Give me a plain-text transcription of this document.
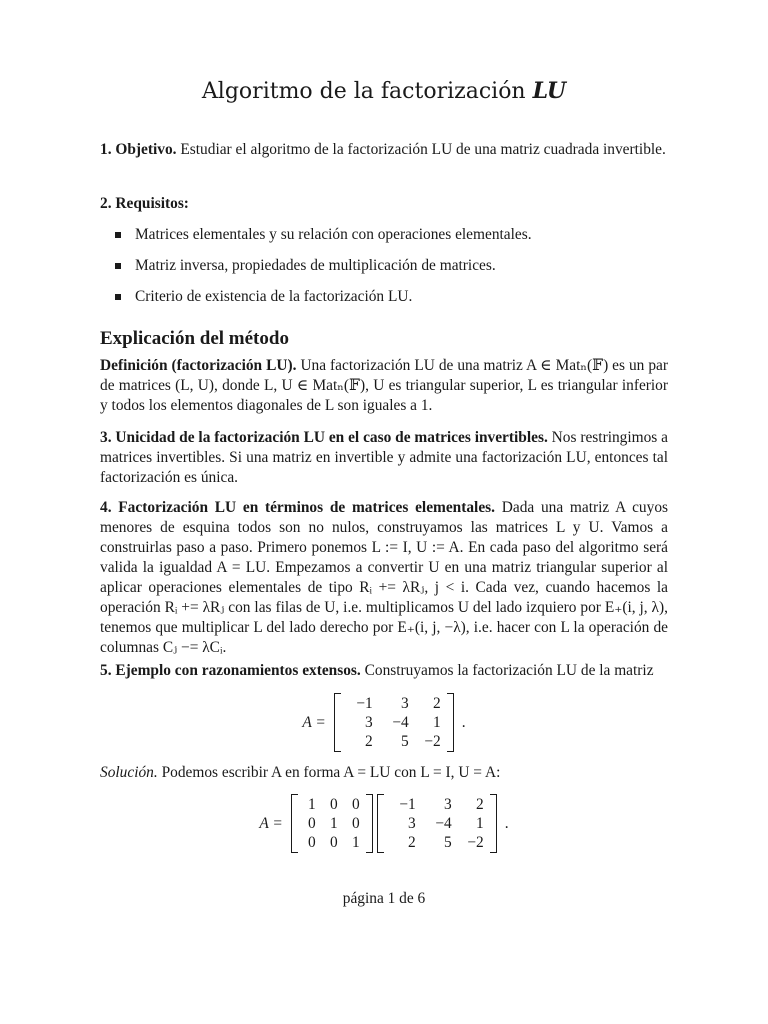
Algoritmo de la factorización LU

1. Objetivo. Estudiar el algoritmo de la factorización LU de una matriz cuadrada invertible.

2. Requisitos:

Matrices elementales y su relación con operaciones elementales.
Matriz inversa, propiedades de multiplicación de matrices.
Criterio de existencia de la factorización LU.
Explicación del método

Definición (factorización LU). Una factorización LU de una matriz A ∈ Matₙ(𝔽) es un par de matrices (L, U), donde L, U ∈ Matₙ(𝔽), U es triangular superior, L es triangular inferior y todos los elementos diagonales de L son iguales a 1.

3. Unicidad de la factorización LU en el caso de matrices invertibles. Nos restringimos a matrices invertibles. Si una matriz en invertible y admite una factorización LU, entonces tal factorización es única.

4. Factorización LU en términos de matrices elementales. Dada una matriz A cuyos menores de esquina todos son no nulos, construyamos las matrices L y U. Vamos a construirlas paso a paso. Primero ponemos L := I, U := A. En cada paso del algoritmo será valida la igualdad A = LU. Empezamos a convertir U en una matriz triangular superior al aplicar operaciones elementales de tipo Rᵢ += λRⱼ, j < i. Cada vez, cuando hacemos la operación Rᵢ += λRⱼ con las filas de U, i.e. multiplicamos U del lado izquiero por E₊(i, j, λ), tenemos que multiplicar L del lado derecho por E₊(i, j, −λ), i.e. hacer con L la operación de columnas Cⱼ −= λCᵢ.

5. Ejemplo con razonamientos extensos. Construyamos la factorización LU de la matriz

A =
−1	3	2
3	−4	1
2	5	−2
.

Solución. Podemos escribir A en forma A = LU con L = I, U = A:

A =
1 0 0
0 1 0
0 0 1
−1	3	2
3	−4	1
2	5	−2
.
página 1 de 6
